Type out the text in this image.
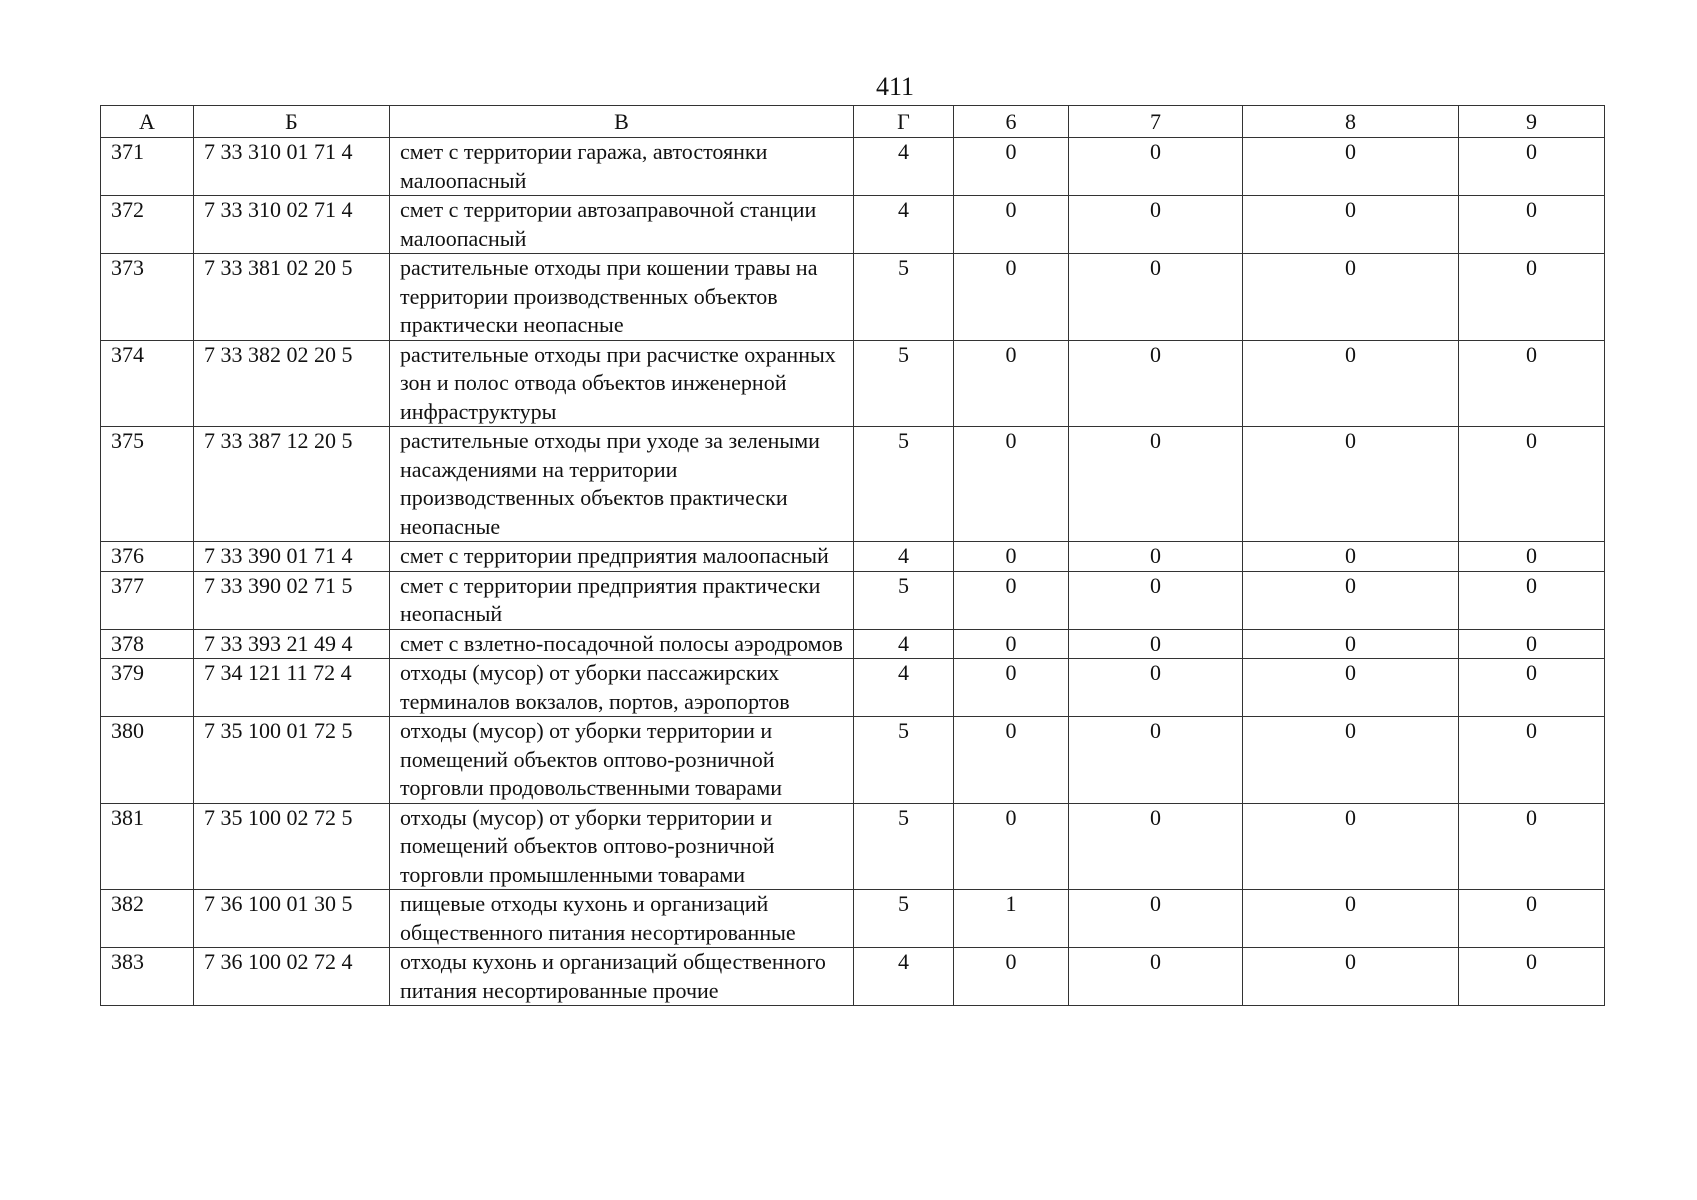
411
А	Б	В	Г	6	7	8	9
371	7 33 310 01 71 4	смет с территории гаража, автостоянки малоопасный	4	0	0	0	0
372	7 33 310 02 71 4	смет с территории автозаправочной станции малоопасный	4	0	0	0	0
373	7 33 381 02 20 5	растительные отходы при кошении травы на территории производственных объектов практически неопасные	5	0	0	0	0
374	7 33 382 02 20 5	растительные отходы при расчистке охранных зон и полос отвода объектов инженерной инфраструктуры	5	0	0	0	0
375	7 33 387 12 20 5	растительные отходы при уходе за зелеными насаждениями на территории производственных объектов практически неопасные	5	0	0	0	0
376	7 33 390 01 71 4	смет с территории предприятия малоопасный	4	0	0	0	0
377	7 33 390 02 71 5	смет с территории предприятия практически неопасный	5	0	0	0	0
378	7 33 393 21 49 4	смет с взлетно-посадочной полосы аэродромов	4	0	0	0	0
379	7 34 121 11 72 4	отходы (мусор) от уборки пассажирских терминалов вокзалов, портов, аэропортов	4	0	0	0	0
380	7 35 100 01 72 5	отходы (мусор) от уборки территории и помещений объектов оптово-розничной торговли продовольственными товарами	5	0	0	0	0
381	7 35 100 02 72 5	отходы (мусор) от уборки территории и помещений объектов оптово-розничной торговли промышленными товарами	5	0	0	0	0
382	7 36 100 01 30 5	пищевые отходы кухонь и организаций общественного питания несортированные	5	1	0	0	0
383	7 36 100 02 72 4	отходы кухонь и организаций общественного питания несортированные прочие	4	0	0	0	0
